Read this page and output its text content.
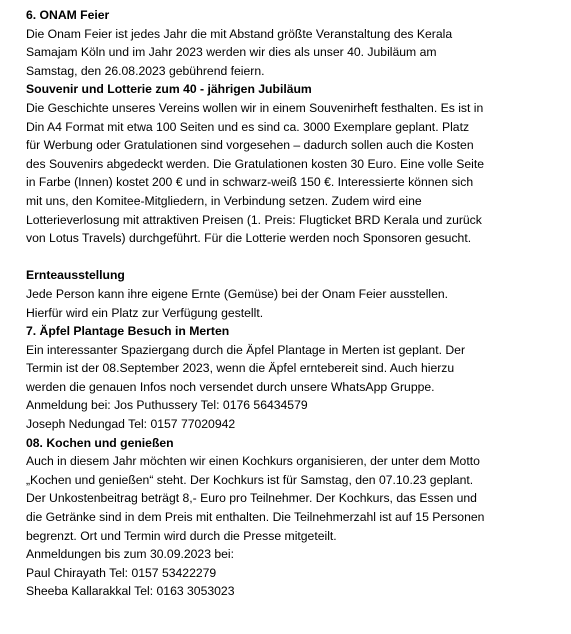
6. ONAM Feier

Die Onam Feier ist jedes Jahr die mit Abstand größte Veranstaltung des Kerala
Samajam Köln und im Jahr 2023 werden wir dies als unser 40. Jubiläum am
Samstag, den 26.08.2023 gebührend feiern.

Souvenir und Lotterie zum 40 - jährigen Jubiläum

Die Geschichte unseres Vereins wollen wir in einem Souvenirheft festhalten. Es ist in
Din A4 Format mit etwa 100 Seiten und es sind ca. 3000 Exemplare geplant. Platz
für Werbung oder Gratulationen sind vorgesehen – dadurch sollen auch die Kosten
des Souvenirs abgedeckt werden. Die Gratulationen kosten 30 Euro. Eine volle Seite
in Farbe (Innen) kostet 200 € und in schwarz-weiß 150 €. Interessierte können sich
mit uns, den Komitee-Mitgliedern, in Verbindung setzen. Zudem wird eine
Lotterieverlosung mit attraktiven Preisen (1. Preis: Flugticket BRD Kerala und zurück
von Lotus Travels) durchgeführt. Für die Lotterie werden noch Sponsoren gesucht.

Ernteausstellung

Jede Person kann ihre eigene Ernte (Gemüse) bei der Onam Feier ausstellen.
Hierfür wird ein Platz zur Verfügung gestellt.

7. Äpfel Plantage Besuch in Merten

Ein interessanter Spaziergang durch die Äpfel Plantage in Merten ist geplant. Der
Termin ist der 08.September 2023, wenn die Äpfel erntebereit sind. Auch hierzu
werden die genauen Infos noch versendet durch unsere WhatsApp Gruppe.
Anmeldung bei: Jos Puthussery Tel: 0176 56434579
Joseph Nedungad Tel: 0157 77020942

08. Kochen und genießen

Auch in diesem Jahr möchten wir einen Kochkurs organisieren, der unter dem Motto
„Kochen und genießen“ steht. Der Kochkurs ist für Samstag, den 07.10.23 geplant.
Der Unkostenbeitrag beträgt 8,- Euro pro Teilnehmer. Der Kochkurs, das Essen und
die Getränke sind in dem Preis mit enthalten. Die Teilnehmerzahl ist auf 15 Personen
begrenzt. Ort und Termin wird durch die Presse mitgeteilt.
Anmeldungen bis zum 30.09.2023 bei:
Paul Chirayath Tel: 0157 53422279
Sheeba Kallarakkal Tel: 0163 3053023
